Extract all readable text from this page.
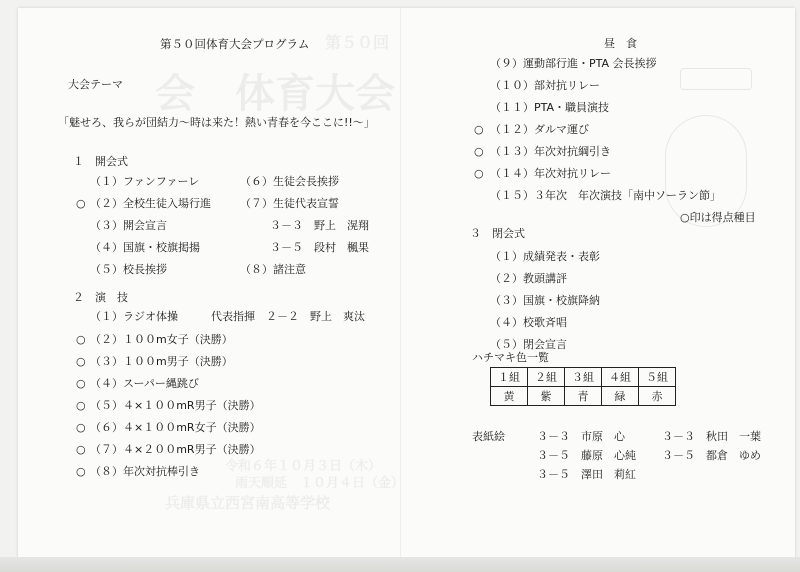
会　体育大会
第５０回
令和６年１０月３日（木）
雨天順延　１０月４日（金）
兵庫県立西宮南高等学校
第５０回体育大会プログラム
大会テーマ
「魅せろ、我らが団結力～時は来た！熱い青春を今ここに!!～」
１　開会式
（１）ファンファーレ
○ （２）全校生徒入場行進
（３）開会宣言
（４）国旗・校旗掲揚
（５）校長挨拶
（６）生徒会長挨拶
（７）生徒代表宣誓
３－３　野上　滉翔
３－５　段村　楓果
（８）諸注意
２　演　技
（１）ラジオ体操　　　代表指揮　２－２　野上　爽汰
○ （２）１００m女子（決勝）
○ （３）１００m男子（決勝）
○ （４）スーパー縄跳び
○ （５）４×１００mR男子（決勝）
○ （６）４×１００mR女子（決勝）
○ （７）４×２００mR男子（決勝）
○ （８）年次対抗棒引き
昼　食
（９）運動部行進・PTA 会長挨拶
（１０）部対抗リレー
（１１）PTA・職員演技
○ （１２）ダルマ運び
○ （１３）年次対抗綱引き
○ （１４）年次対抗リレー
（１５）３年次　年次演技「南中ソーラン節」
○印は得点種目
３　閉会式
（１）成績発表・表彰
（２）教頭講評
（３）国旗・校旗降納
（４）校歌斉唱
（５）閉会宣言
ハチマキ色一覧
１組	２組	３組	４組	５組
黄	紫	青	緑	赤
表紙絵	３－３　市原　心	３－３　秋田　一葉
３－５　藤原　心純 ３－５　都倉　ゆめ
３－５　澤田　莉紅
